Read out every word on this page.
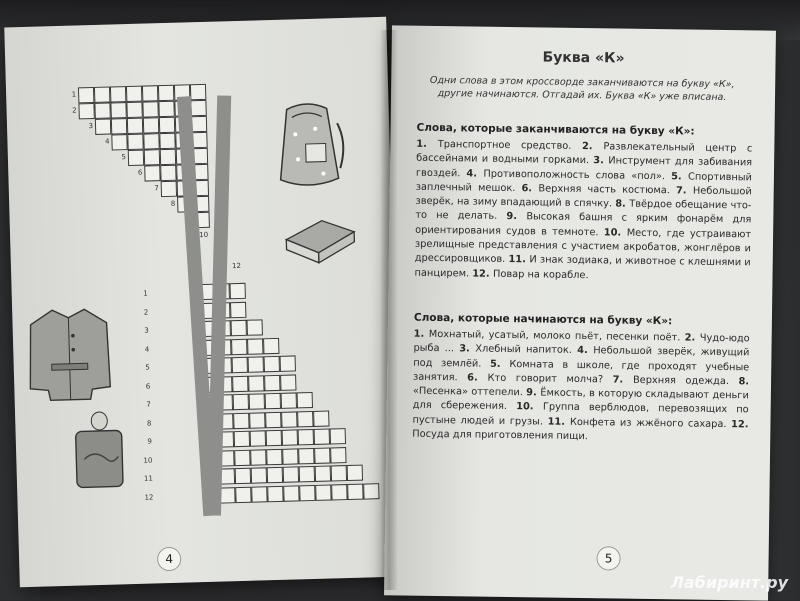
1
2
3
4
5
6
7
8
10
12
1
2
3
4
5
6
7
8
9
10
11
12
4
Буква «К»
Одни слова в этом кроссворде заканчиваются на букву «К», другие начинаются. Отгадай их. Буква «К» уже вписана.
Слова, которые заканчиваются на букву «К»:
1. Транспортное средство. 2. Развлекательный центр с бассейнами и водными горками. 3. Инструмент для забивания гвоздей. 4. Противоположность слова «пол». 5. Спортивный заплечный мешок. 6. Верхняя часть костюма. 7. Небольшой зверёк, на зиму впадающий в спячку. 8. Твёрдое обещание что-то не делать. 9. Высокая башня с ярким фонарём для ориентирования судов в темноте. 10. Место, где устраивают зрелищные представления с участием акробатов, жонглёров и дрессировщиков. 11. И знак зодиака, и животное с клешнями и панцирем. 12. Повар на корабле.
Слова, которые начинаются на букву «К»:
1. Мохнатый, усатый, молоко пьёт, песенки поёт. 2. Чудо-юдо рыба ... 3. Хлебный напиток. 4. Небольшой зверёк, живущий под землёй. 5. Комната в школе, где проходят учебные занятия. 6. Кто говорит молча? 7. Верхняя одежда. 8. «Песенка» оттепели. 9. Ёмкость, в которую складывают деньги для сбережения. 10. Группа верблюдов, перевозящих по пустыне людей и грузы. 11. Конфета из жжёного сахара. 12. Посуда для приготовления пищи.
5
Лабиринт.ру
